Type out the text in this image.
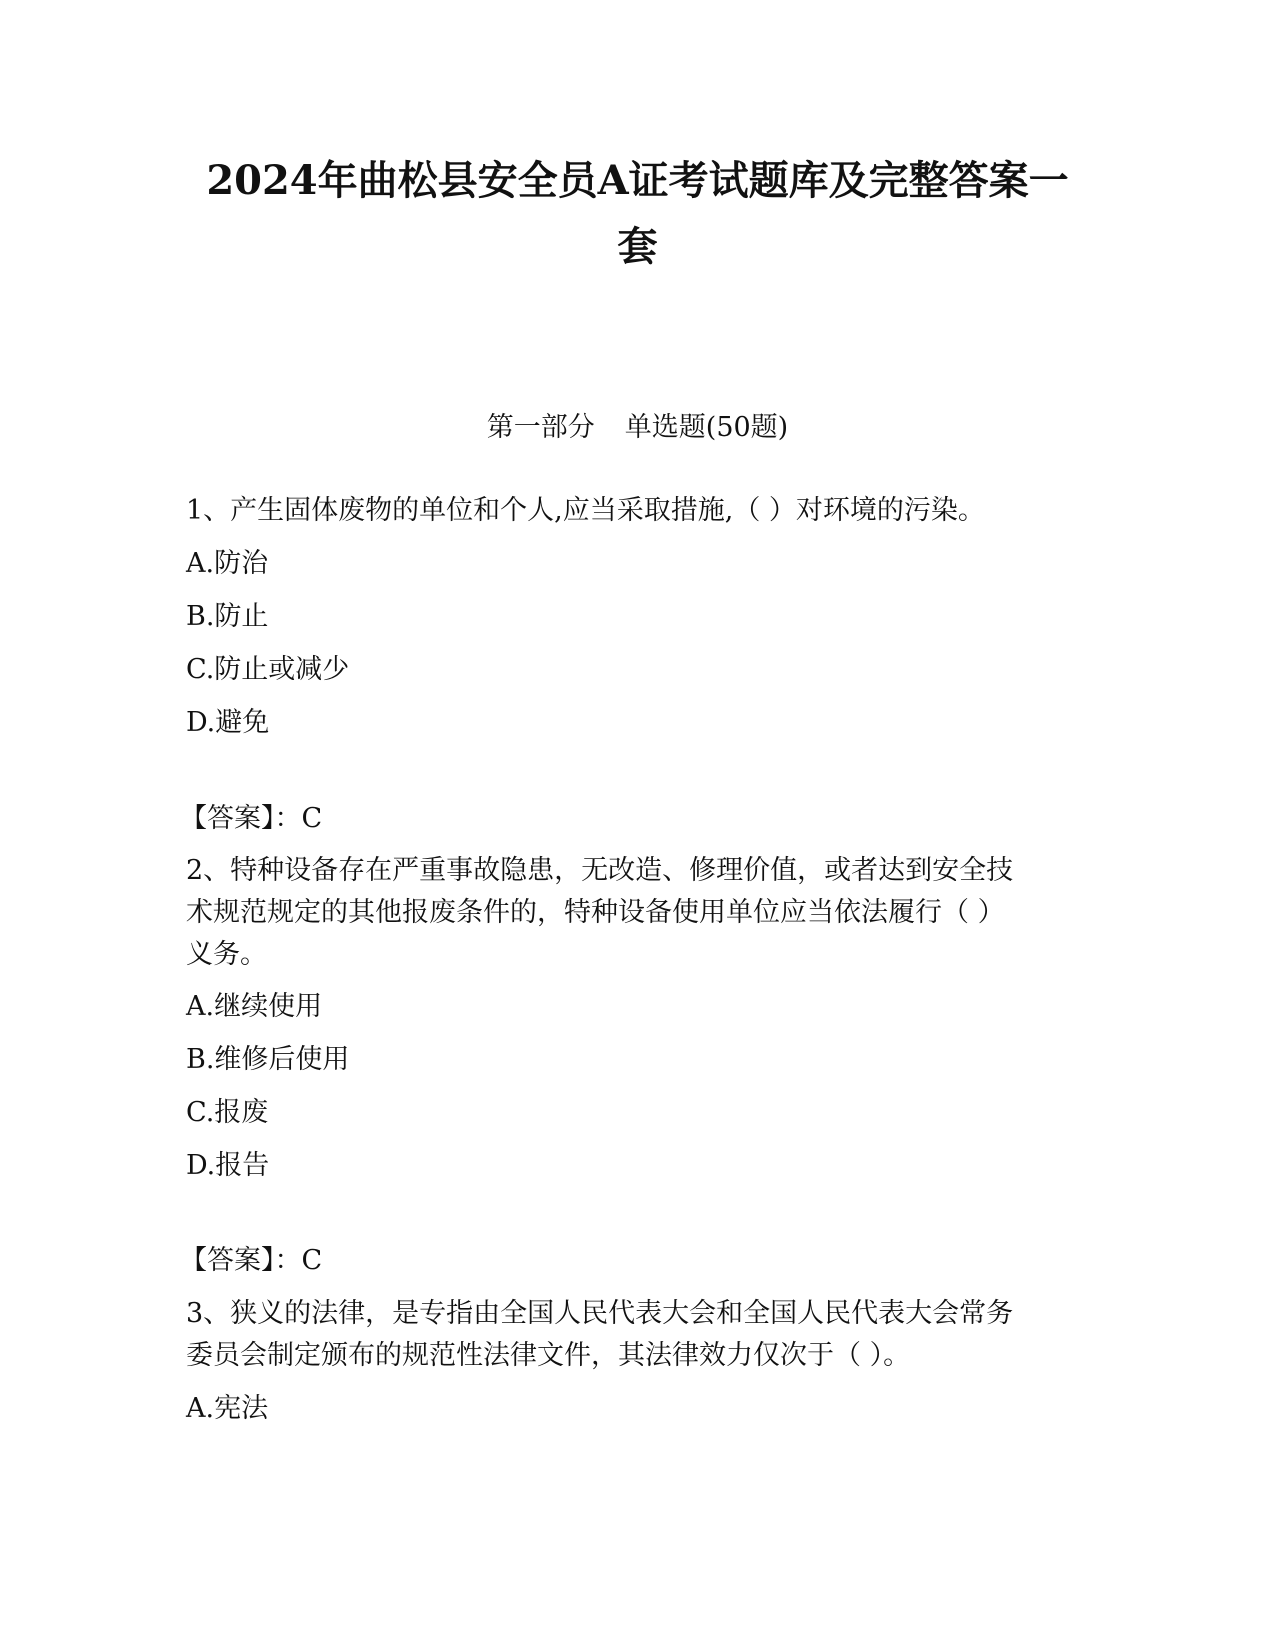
2024年曲松县安全员A证考试题库及完整答案一
套
第一部分 单选题(50题)
1、产生固体废物的单位和个人,应当采取措施,（ ）对环境的污染。
A.防治
B.防止
C.防止或减少
D.避免
【答案】：C
2、特种设备存在严重事故隐患，无改造、修理价值，或者达到安全技
术规范规定的其他报废条件的，特种设备使用单位应当依法履行（ ）
义务。
A.继续使用
B.维修后使用
C.报废
D.报告
【答案】：C
3、狭义的法律，是专指由全国人民代表大会和全国人民代表大会常务
委员会制定颁布的规范性法律文件，其法律效力仅次于（ ）。
A.宪法
